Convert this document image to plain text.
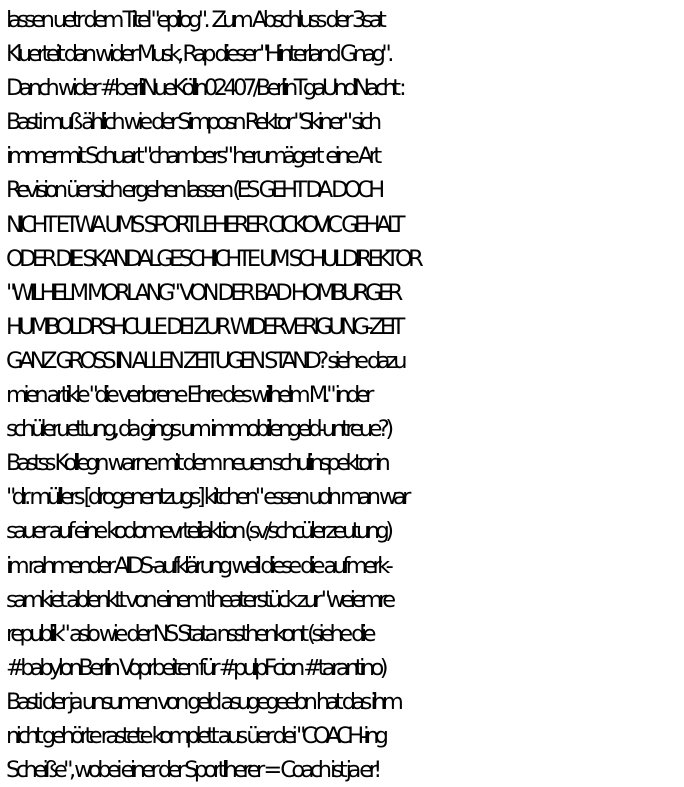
lassen uetr dem Titel "epilog".  Zum Abschluss der 3sat
Kluerteit dan wider Musk, Rap dieser "Hinterland Gnag".
Danch wider #berliNueKölln02407/BerlinTgaUndNacht :
Basti muß ählich wie der Simposn Rektor "Skiner" sich
immer mit Schuart "chambers" herumägert  eine Art
Revision üer sich ergehen lassen (ES GEHT DA DOCH
NICHT ETWA UMS SPORTLEHERER CICKOVIC GEHALT
ODER DIE SKANDALGESCHICHTE UM SCHULDIREKTOR
"WILHELM MORLANG" VON DER BAD HOMBURGER
HUMBOLDRSHCULE DEI ZUR WIDERVERIGUNG-ZEIT
GANZ GROSS IN ALLEN ZEITUGEN STAND? siehe dazu
mien artikle "die verlorene Ehre des wilhelm M." inder
schüleruettung, da gings um immobilengeld-untreue?)
Bastss Kollegn warne mit dem neuen schulinspektor in
"dr. müllers [drogenentzugs] kitchen" essen udn man war
sauer auf eine kodomevrteilaktion (sv/schcülerzeutung)
im rahmender AIDS-aufklärung weil diese die aufmerk-
samkiet ablenktt von einem theaterstück zur "weiemre
republik" aslo wie der NS Stata nssthenkont (siehe die
#babylonBerlin Voprbeiten für #pulpFcion #tarantino)
Basti der ja unsumen von geld asugegeebn hat das ihm
nicht gehörte rastete komplett aus üer dei "COACH-ing
Scheiße", wobei einer der Sportlherer = Coach ist ja er!
